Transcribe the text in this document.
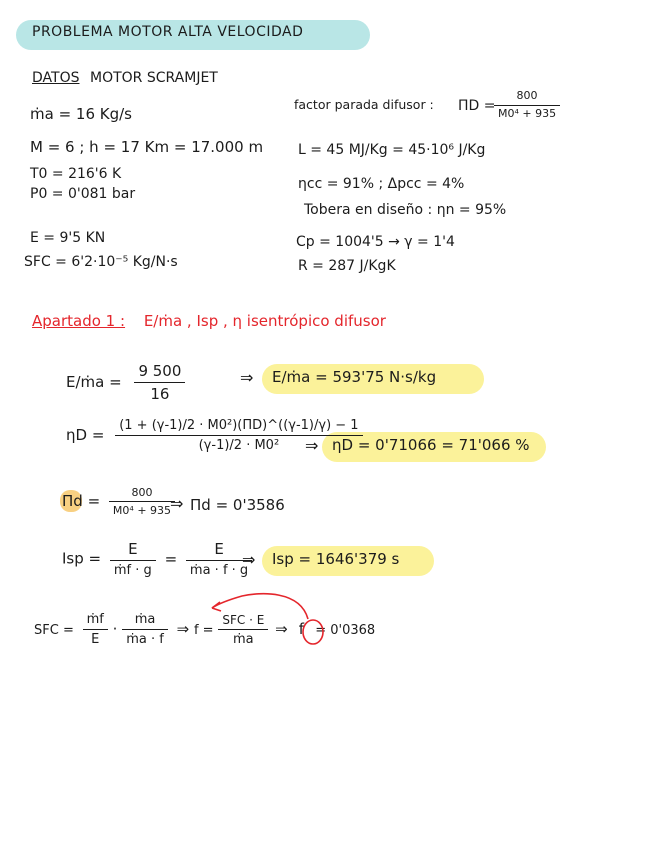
PROBLEMA MOTOR ALTA VELOCIDAD
DATOS MOTOR SCRAMJET
ṁa = 16 Kg/s
M = 6 ; h = 17 Km = 17.000 m
T0 = 216'6 K
P0 = 0'081 bar
E = 9'5 KN
SFC = 6'2·10⁻⁵ Kg/N·s
factor parada difusor : ΠD =
$\frac{800}{\text{M0⁴ + 935}}$
L = 45 MJ/Kg = 45·10⁶ J/Kg
ηcc = 91% ; Δpcc = 4%
Tobera en diseño : ηn = 95%
Cp = 1004'5 → γ = 1'4
R = 287 J/KgK
Apartado 1 : E/ṁa , Isp , η isentrópico difusor
E/ṁa = $\frac{9 500}{16}$	⇒ E/ṁa = 593'75 N·s/kg
$\eta D = \frac{\text{(1 + (γ-1)/2 · M0²)(ΠD)\textasciicircum{}((γ-1)/γ) − 1}}{\text{(γ-1)/2 · M0²}}$
⇒ ηD = 0'71066 = 71'066 %
$\Pi d = \frac{800}{\text{M0⁴ + 935}}$
⇒ Πd = 0'3586
Isp = $\frac{E}{\text{ṁf · g}} = \frac{E}{\text{ṁa · f · g}}$
⇒ Isp = 1646'379 s
SFC = $\frac{\text{ṁf}}{E} \cdot \frac{\text{ṁa}}{\text{ṁa · f}}$ ⇒ $f = \frac{\text{SFC · E}}{\text{ṁa}}$ ⇒ f = 0'0368
